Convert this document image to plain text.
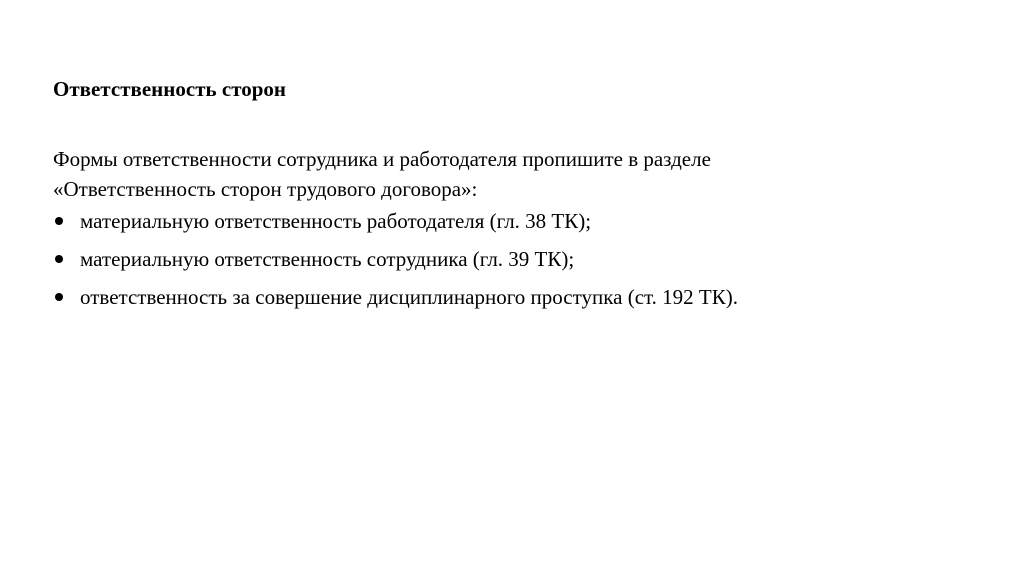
Ответственность сторон

Формы ответственности сотрудника и работодателя пропишите в разделе
«Ответственность сторон трудового договора»:

материальную ответственность работодателя (гл. 38 ТК);
материальную ответственность сотрудника (гл. 39 ТК);
ответственность за совершение дисциплинарного проступка (ст. 192 ТК).
